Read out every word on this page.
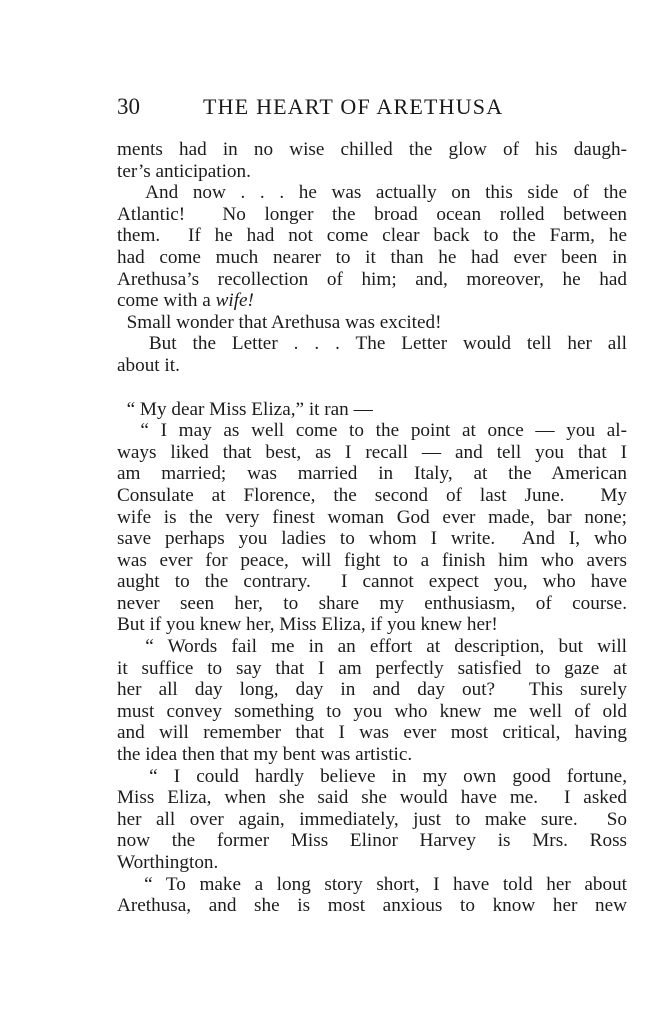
30	THE HEART OF ARETHUSA
ments had in no wise chilled the glow of his daugh-
ter’s anticipation.
And now . . . he was actually on this side of the
Atlantic!  No longer the broad ocean rolled between
them.  If he had not come clear back to the Farm, he
had come much nearer to it than he had ever been in
Arethusa’s recollection of him; and, moreover, he had
come with a wife!
Small wonder that Arethusa was excited!
But the Letter . . . The Letter would tell her all
about it.
“ My dear Miss Eliza,” it ran —
“ I may as well come to the point at once — you al-
ways liked that best, as I recall — and tell you that I
am married; was married in Italy, at the American
Consulate at Florence, the second of last June.  My
wife is the very finest woman God ever made, bar none;
save perhaps you ladies to whom I write.  And I, who
was ever for peace, will fight to a finish him who avers
aught to the contrary.  I cannot expect you, who have
never seen her, to share my enthusiasm, of course.
But if you knew her, Miss Eliza, if you knew her!
“ Words fail me in an effort at description, but will
it suffice to say that I am perfectly satisfied to gaze at
her all day long, day in and day out?  This surely
must convey something to you who knew me well of old
and will remember that I was ever most critical, having
the idea then that my bent was artistic.
“ I could hardly believe in my own good fortune,
Miss Eliza, when she said she would have me.  I asked
her all over again, immediately, just to make sure.  So
now the former Miss Elinor Harvey is Mrs. Ross
Worthington.
“ To make a long story short, I have told her about
Arethusa, and she is most anxious to know her new
